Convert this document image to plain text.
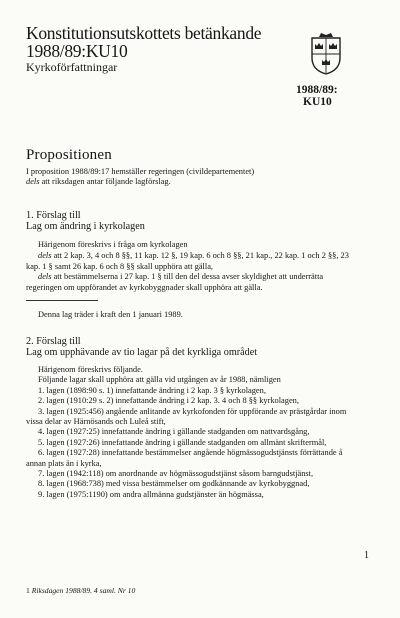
Konstitutionsutskottets betänkande
1988/89:KU10
Kyrkoförfattningar
1988/89:
KU10
Propositionen

I proposition 1988/89:17 hemställer regeringen (civildepartementet)

dels att riksdagen antar följande lagförslag.

1. Förslag till
Lag om ändring i kyrkolagen

Härigenom föreskrivs i fråga om kyrkolagen

dels att 2 kap. 3, 4 och 8 §§, 11 kap. 12 §, 19 kap. 6 och 8 §§, 21 kap., 22 kap. 1 och 2 §§, 23 kap. 1 § samt 26 kap. 6 och 8 §§ skall upphöra att gälla,

dels att bestämmelserna i 27 kap. 1 § till den del dessa avser skyldighet att underrätta regeringen om uppförandet av kyrkobyggnader skall upphöra att gälla.

Denna lag träder i kraft den 1 januari 1989.

2. Förslag till
Lag om upphävande av tio lagar på det kyrkliga området

Härigenom föreskrivs följande.

Följande lagar skall upphöra att gälla vid utgången av år 1988, nämligen

1. lagen (1898:90 s. 1) innefattande ändring i 2 kap. 3 § kyrkolagen,

2. lagen (1910:29 s. 2) innefattande ändring i 2 kap. 3. 4 och 8 §§ kyrkolagen,

3. lagen (1925:456) angående anlitande av kyrkofonden för uppförande av prästgårdar inom vissa delar av Härnösands och Luleå stift,

4. lagen (1927:25) innefattande ändring i gällande stadganden om nattvardsgång,

5. lagen (1927:26) innefattande ändring i gällande stadganden om allmänt skriftermål,

6. lagen (1927:28) innefattande bestämmelser angående högmässogudstjänsts förrättande å annan plats än i kyrka,

7. lagen (1942:118) om anordnande av högmässogudstjänst såsom barngudstjänst,

8. lagen (1968:738) med vissa bestämmelser om godkännande av kyrkobyggnad,

9. lagen (1975:1190) om andra allmänna gudstjänster än högmässa,

1
1 Riksdagen 1988/89. 4 saml. Nr 10
